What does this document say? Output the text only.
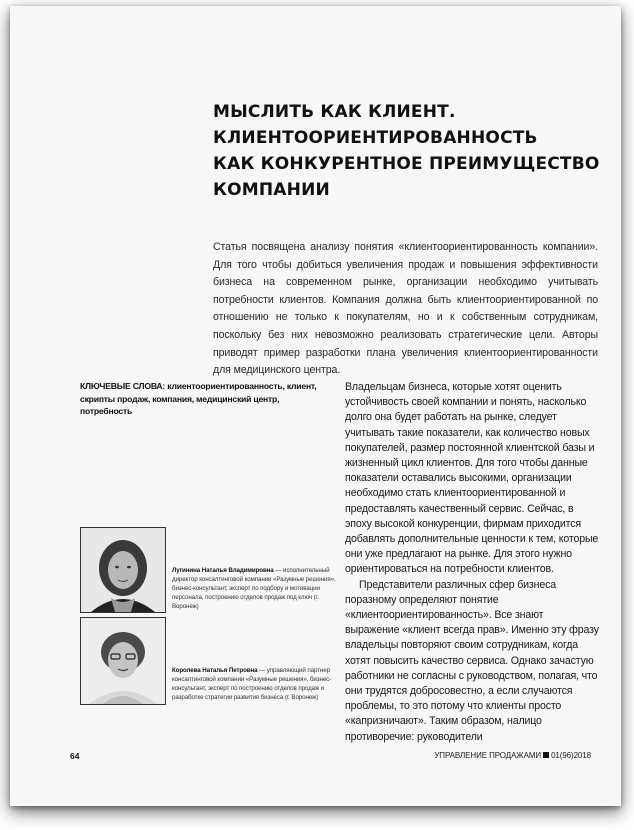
МЫСЛИТЬ КАК КЛИЕНТ.
КЛИЕНТООРИЕНТИРОВАННОСТЬ
КАК КОНКУРЕНТНОЕ ПРЕИМУЩЕСТВО
КОМПАНИИ
Статья посвящена анализу понятия «клиентоориентированность компании». Для того чтобы добиться увеличения продаж и повышения эффективности бизнеса на современном рынке, организации необходимо учитывать потребности клиентов. Компания должна быть клиентоориентированной по отношению не только к покупателям, но и к собственным сотрудникам, поскольку без них невозможно реализовать стратегические цели. Авторы приводят пример разработки плана увеличения клиентоориентированности для медицинского центра.
КЛЮЧЕВЫЕ СЛОВА: клиентоориентированность, клиент, скрипты продаж, компания, медицинский центр, потребность
Лугинина Наталья Владимировна — исполнительный директор консалтинговой компании «Разумные решения», бизнес-консультант, эксперт по подбору и мотивации персонала, построению отделов продаж под ключ (г. Воронеж)
Королева Наталья Петровна — управляющий партнер консалтинговой компании «Разумные решения», бизнес-консультант, эксперт по построению отделов продаж и разработке стратегии развития бизнеса (г. Воронеж)

Владельцам бизнеса, которые хотят оценить устойчивость своей компании и понять, насколько долго она будет работать на рынке, следует учитывать такие показатели, как количество новых покупателей, размер постоянной клиентской базы и жизненный цикл клиентов. Для того чтобы данные показатели оставались высокими, организации необходимо стать клиентоориентированной и предоставлять качественный сервис. Сейчас, в эпоху высокой конкуренции, фирмам приходится добавлять дополнительные ценности к тем, которые они уже предлагают на рынке. Для этого нужно ориентироваться на потребности клиентов.

Представители различных сфер бизнеса поразному определяют понятие «клиентоориентированность». Все знают выражение «клиент всегда прав». Именно эту фразу владельцы повторяют своим сотрудникам, когда хотят повысить качество сервиса. Однако зачастую работники не согласны с руководством, полагая, что они трудятся добросовестно, а если случаются проблемы, то это потому что клиенты просто «капризничают». Таким образом, налицо противоречие: руководители

64	УПРАВЛЕНИЕ ПРОДАЖАМИ 01(96)2018
